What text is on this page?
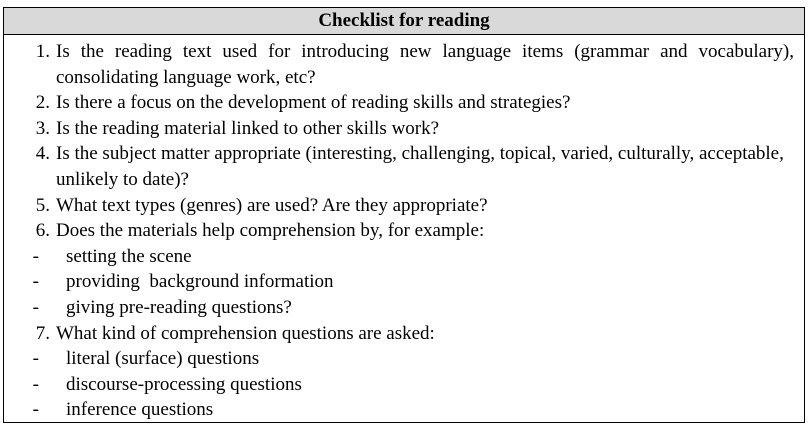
Checklist for reading
1. Is the reading text used for introducing new language items (grammar and vocabulary), consolidating language work, etc?
2. Is there a focus on the development of reading skills and strategies?
3. Is the reading material linked to other skills work?
4. Is the subject matter appropriate (interesting, challenging, topical, varied, culturally, acceptable, unlikely to date)?
5. What text types (genres) are used? Are they appropriate?
6. Does the materials help comprehension by, for example:
-	setting the scene
-	providing  background information
-	giving pre-reading questions?
7. What kind of comprehension questions are asked:
-	literal (surface) questions
-	discourse-processing questions
-	inference questions
